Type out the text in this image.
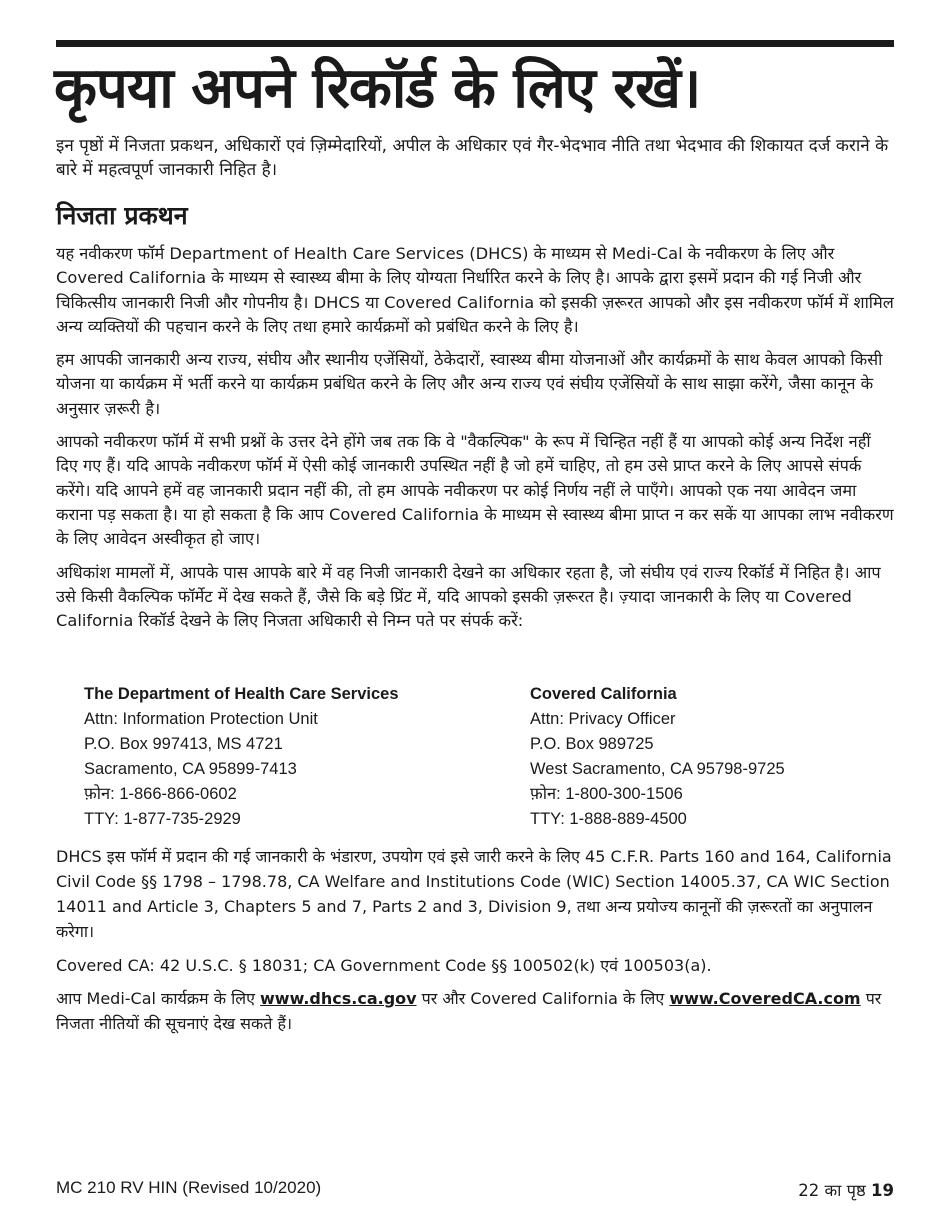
कृपया अपने रिकॉर्ड के लिए रखें।

इन पृष्ठों में निजता प्रकथन, अधिकारों एवं ज़िम्मेदारियों, अपील के अधिकार एवं गैर-भेदभाव नीति तथा भेदभाव की शिकायत दर्ज कराने के बारे में महत्वपूर्ण जानकारी निहित है।

निजता प्रकथन

यह नवीकरण फॉर्म Department of Health Care Services (DHCS) के माध्यम से Medi-Cal के नवीकरण के लिए और Covered California के माध्यम से स्वास्थ्य बीमा के लिए योग्यता निर्धारित करने के लिए है। आपके द्वारा इसमें प्रदान की गई निजी और चिकित्सीय जानकारी निजी और गोपनीय है। DHCS या Covered California को इसकी ज़रूरत आपको और इस नवीकरण फॉर्म में शामिल अन्य व्यक्तियों की पहचान करने के लिए तथा हमारे कार्यक्रमों को प्रबंधित करने के लिए है।

हम आपकी जानकारी अन्य राज्य, संघीय और स्थानीय एजेंसियों, ठेकेदारों, स्वास्थ्य बीमा योजनाओं और कार्यक्रमों के साथ केवल आपको किसी योजना या कार्यक्रम में भर्ती करने या कार्यक्रम प्रबंधित करने के लिए और अन्य राज्य एवं संघीय एजेंसियों के साथ साझा करेंगे, जैसा कानून के अनुसार ज़रूरी है।

आपको नवीकरण फॉर्म में सभी प्रश्नों के उत्तर देने होंगे जब तक कि वे "वैकल्पिक" के रूप में चिन्हित नहीं हैं या आपको कोई अन्य निर्देश नहीं दिए गए हैं। यदि आपके नवीकरण फॉर्म में ऐसी कोई जानकारी उपस्थित नहीं है जो हमें चाहिए, तो हम उसे प्राप्त करने के लिए आपसे संपर्क करेंगे। यदि आपने हमें वह जानकारी प्रदान नहीं की, तो हम आपके नवीकरण पर कोई निर्णय नहीं ले पाएँगे। आपको एक नया आवेदन जमा कराना पड़ सकता है। या हो सकता है कि आप Covered California के माध्यम से स्वास्थ्य बीमा प्राप्त न कर सकें या आपका लाभ नवीकरण के लिए आवेदन अस्वीकृत हो जाए।

अधिकांश मामलों में, आपके पास आपके बारे में वह निजी जानकारी देखने का अधिकार रहता है, जो संघीय एवं राज्य रिकॉर्ड में निहित है। आप उसे किसी वैकल्पिक फॉर्मेट में देख सकते हैं, जैसे कि बड़े प्रिंट में, यदि आपको इसकी ज़रूरत है। ज़्यादा जानकारी के लिए या Covered California रिकॉर्ड देखने के लिए निजता अधिकारी से निम्न पते पर संपर्क करें:

The Department of Health Care Services
Attn: Information Protection Unit
P.O. Box 997413, MS 4721
Sacramento, CA 95899-7413
फ़ोन: 1-866-866-0602
TTY: 1-877-735-2929
Covered California
Attn: Privacy Officer
P.O. Box 989725
West Sacramento, CA 95798-9725
फ़ोन: 1-800-300-1506
TTY: 1-888-889-4500

DHCS इस फॉर्म में प्रदान की गई जानकारी के भंडारण, उपयोग एवं इसे जारी करने के लिए 45 C.F.R. Parts 160 and 164, California Civil Code §§ 1798 – 1798.78, CA Welfare and Institutions Code (WIC) Section 14005.37, CA WIC Section 14011 and Article 3, Chapters 5 and 7, Parts 2 and 3, Division 9, तथा अन्य प्रयोज्य कानूनों की ज़रूरतों का अनुपालन करेगा।

Covered CA: 42 U.S.C. § 18031; CA Government Code §§ 100502(k) एवं 100503(a).

आप Medi-Cal कार्यक्रम के लिए www.dhcs.ca.gov पर और Covered California के लिए www.CoveredCA.com पर निजता नीतियों की सूचनाएं देख सकते हैं।

MC 210 RV HIN (Revised 10/2020)	22 का पृष्ठ 19
